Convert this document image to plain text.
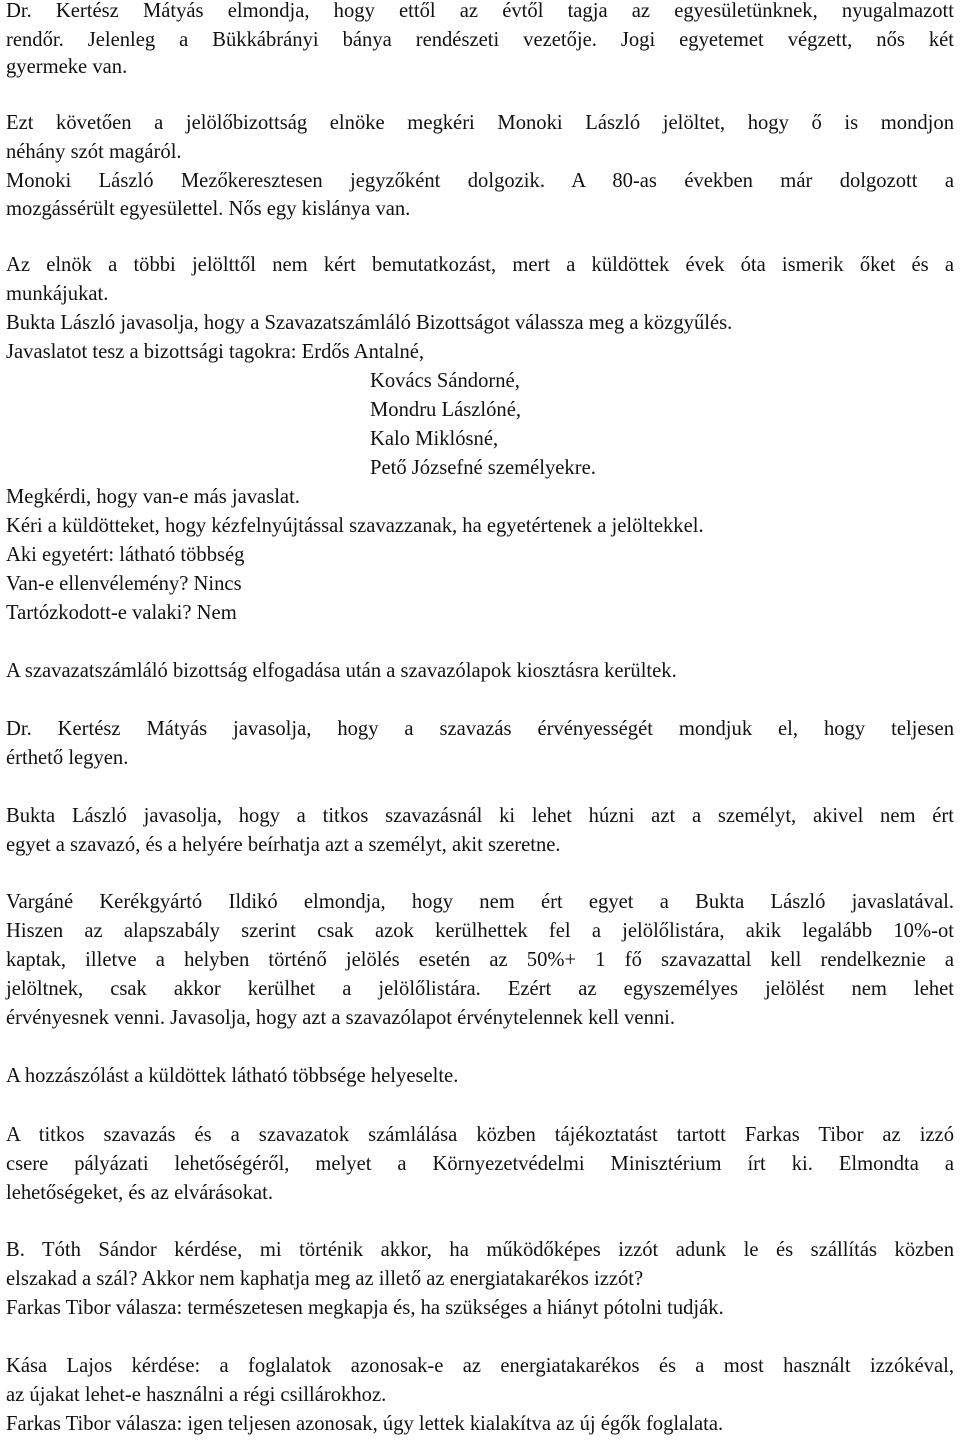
Dr. Kertész Mátyás elmondja, hogy ettől az évtől tagja az egyesületünknek, nyugalmazott
rendőr. Jelenleg a Bükkábrányi bánya rendészeti vezetője. Jogi egyetemet végzett, nős két
gyermeke van.
Ezt követően a jelölőbizottság elnöke megkéri Monoki László jelöltet, hogy ő is mondjon
néhány szót magáról.
Monoki László Mezőkeresztesen jegyzőként dolgozik. A 80-as években már dolgozott a
mozgássérült egyesülettel. Nős egy kislánya van.
Az elnök a többi jelölttől nem kért bemutatkozást, mert a küldöttek évek óta ismerik őket és a
munkájukat.
Bukta László javasolja, hogy a Szavazatszámláló Bizottságot válassza meg a közgyűlés.
Javaslatot tesz a bizottsági tagokra: Erdős Antalné,
Kovács Sándorné,
Mondru Lászlóné,
Kalo Miklósné,
Pető Józsefné személyekre.
Megkérdi, hogy van-e más javaslat.
Kéri a küldötteket, hogy kézfelnyújtással szavazzanak, ha egyetértenek a jelöltekkel.
Aki egyetért: látható többség
Van-e ellenvélemény? Nincs
Tartózkodott-e valaki? Nem
A szavazatszámláló bizottság elfogadása után a szavazólapok kiosztásra kerültek.
Dr. Kertész Mátyás javasolja, hogy a szavazás érvényességét mondjuk el, hogy teljesen
érthető legyen.
Bukta László javasolja, hogy a titkos szavazásnál ki lehet húzni azt a személyt, akivel nem ért
egyet a szavazó, és a helyére beírhatja azt a személyt, akit szeretne.
Vargáné Kerékgyártó Ildikó elmondja, hogy nem ért egyet a Bukta László javaslatával.
Hiszen az alapszabály szerint csak azok kerülhettek fel a jelölőlistára, akik legalább 10%-ot
kaptak, illetve a helyben történő jelölés esetén az 50%+ 1 fő szavazattal kell rendelkeznie a
jelöltnek, csak akkor kerülhet a jelölőlistára. Ezért az egyszemélyes jelölést nem lehet
érvényesnek venni. Javasolja, hogy azt a szavazólapot érvénytelennek kell venni.
A hozzászólást a küldöttek látható többsége helyeselte.
A titkos szavazás és a szavazatok számlálása közben tájékoztatást tartott Farkas Tibor az izzó
csere pályázati lehetőségéről, melyet a Környezetvédelmi Minisztérium írt ki. Elmondta a
lehetőségeket, és az elvárásokat.
B. Tóth Sándor kérdése, mi történik akkor, ha működőképes izzót adunk le és szállítás közben
elszakad a szál? Akkor nem kaphatja meg az illető az energiatakarékos izzót?
Farkas Tibor válasza: természetesen megkapja és, ha szükséges a hiányt pótolni tudják.
Kása Lajos kérdése: a foglalatok azonosak-e az energiatakarékos és a most használt izzókéval,
az újakat lehet-e használni a régi csillárokhoz.
Farkas Tibor válasza: igen teljesen azonosak, úgy lettek kialakítva az új égők foglalata.
